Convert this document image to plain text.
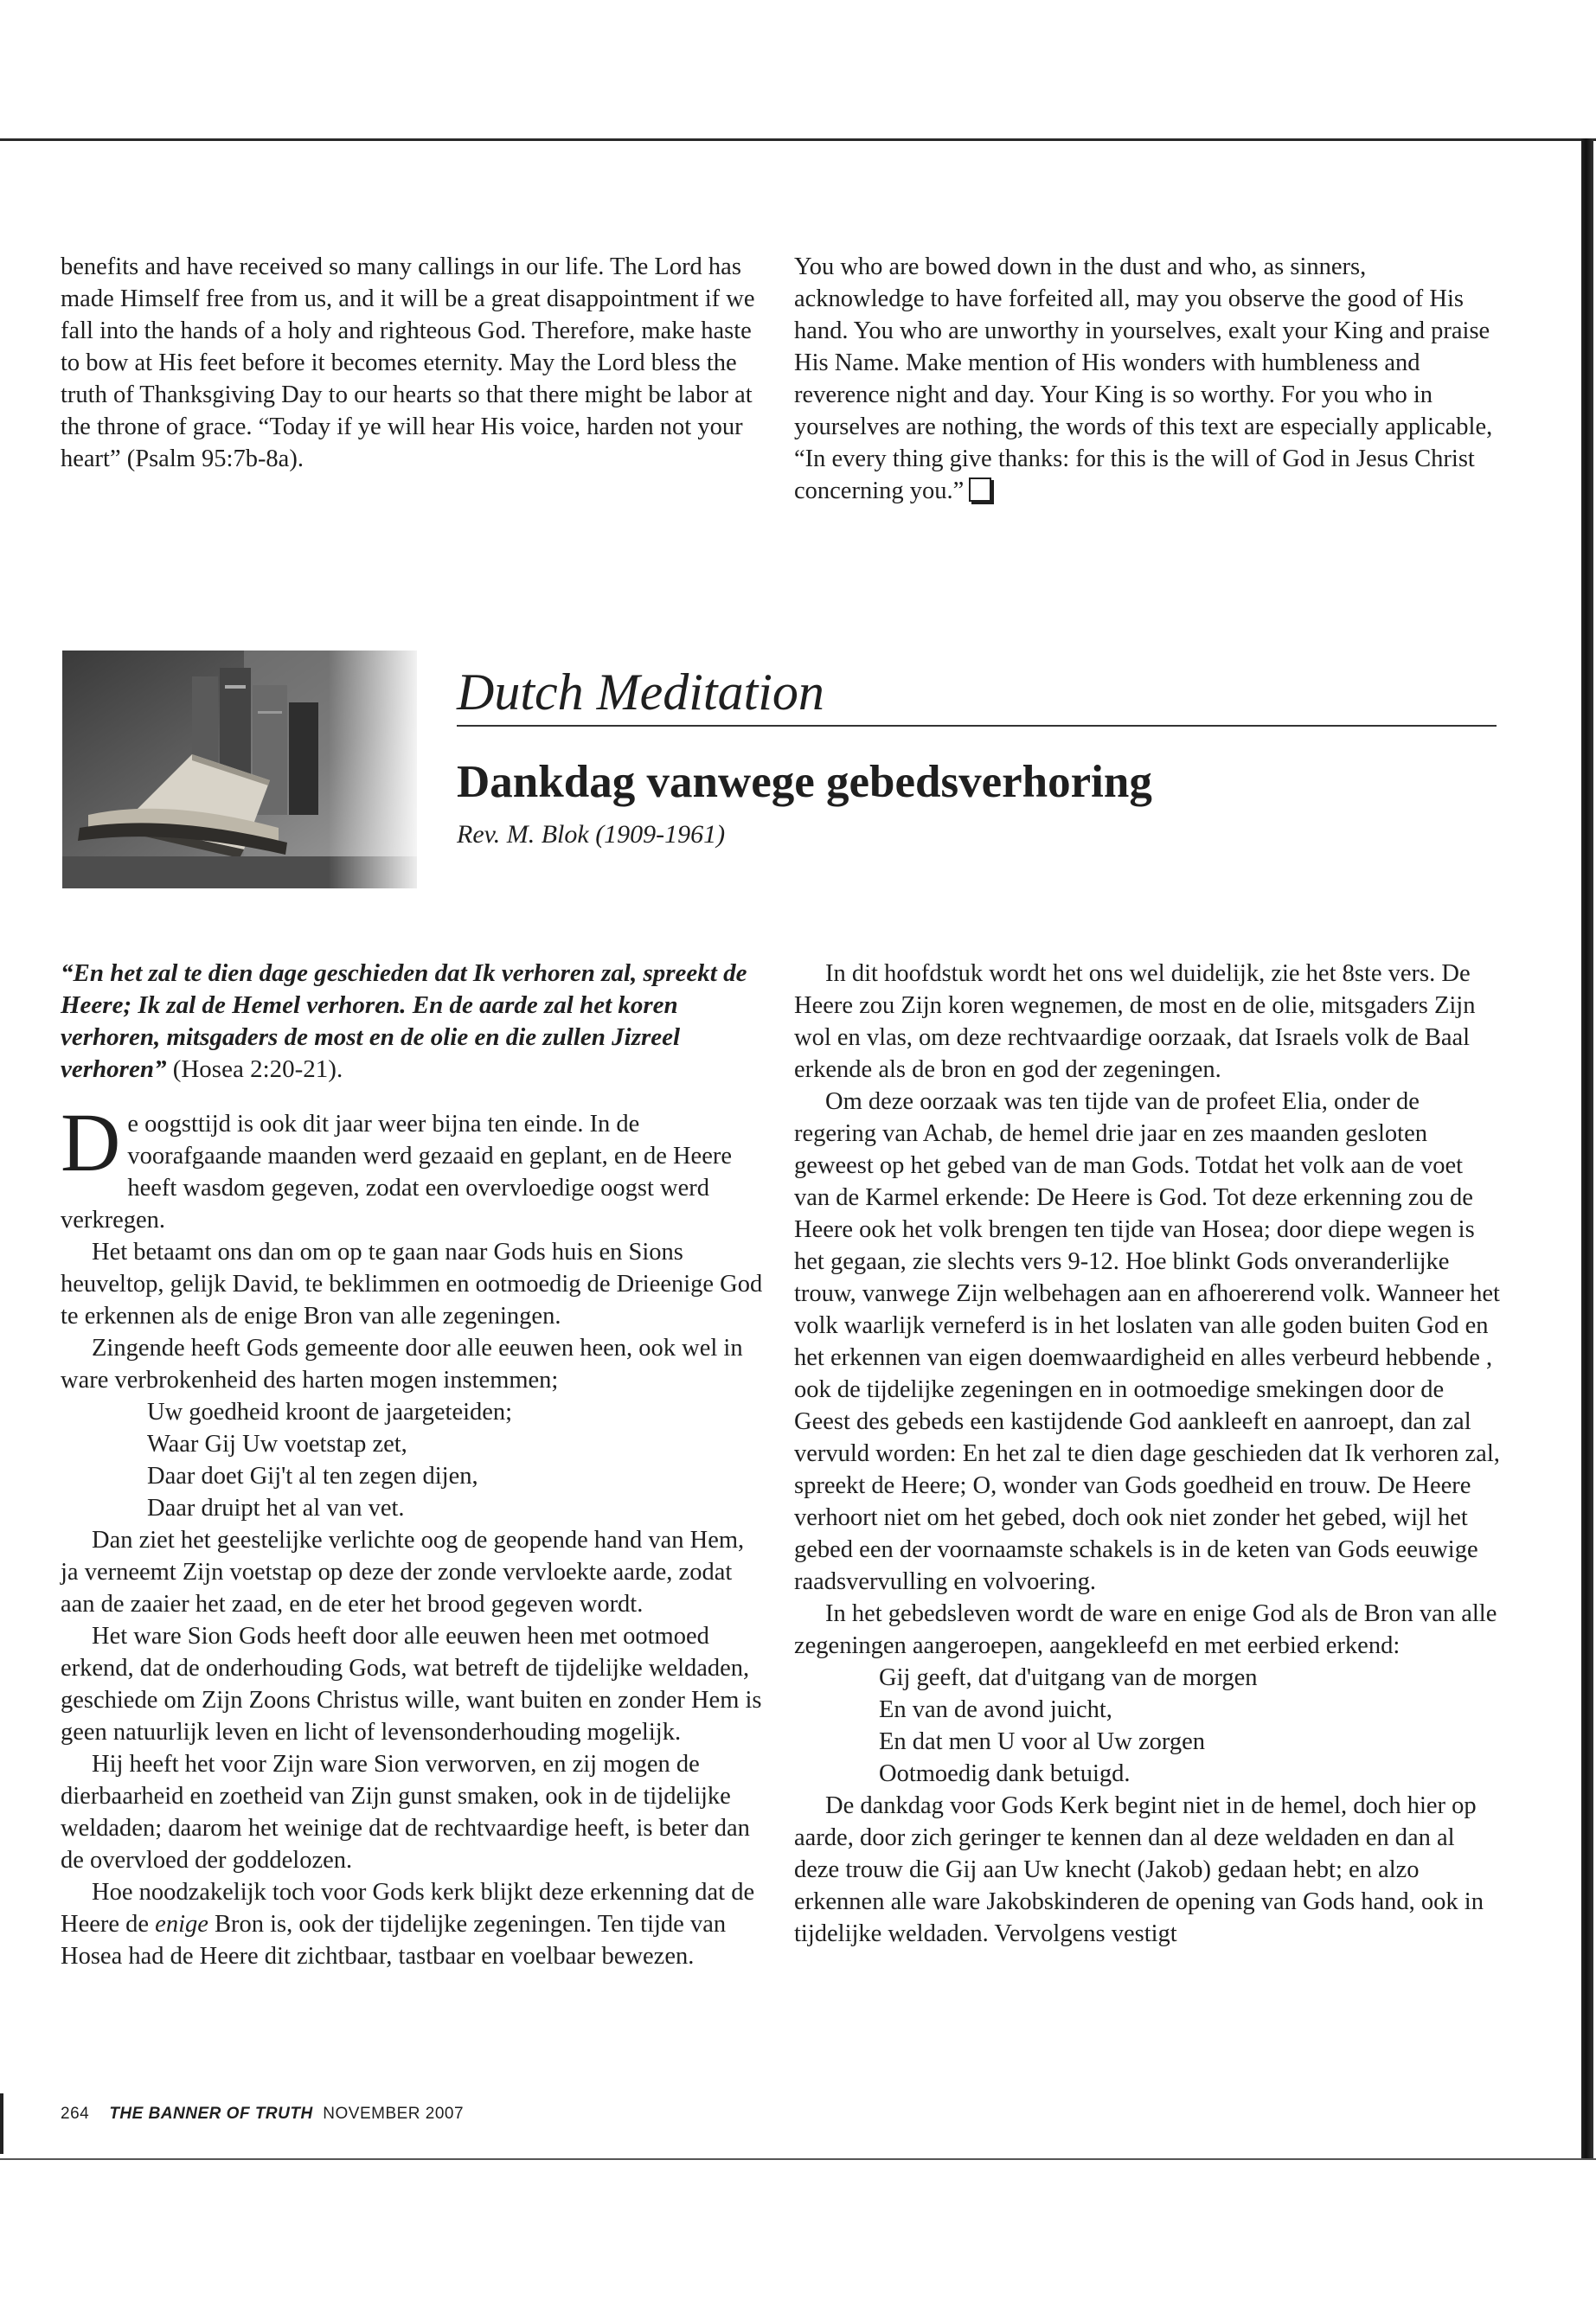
benefits and have received so many callings in our life. The Lord has made Himself free from us, and it will be a great disappointment if we fall into the hands of a holy and righteous God. Therefore, make haste to bow at His feet before it becomes eternity. May the Lord bless the truth of Thanksgiving Day to our hearts so that there might be labor at the throne of grace. “Today if ye will hear His voice, harden not your heart” (Psalm 95:7b-8a).

You who are bowed down in the dust and who, as sinners, acknowledge to have forfeited all, may you observe the good of His hand. You who are unworthy in yourselves, exalt your King and praise His Name. Make mention of His wonders with humbleness and reverence night and day. Your King is so worthy. For you who in yourselves are nothing, the words of this text are especially applicable, “In every thing give thanks: for this is the will of God in Jesus Christ concerning you.”

Dutch Meditation
Dankdag vanwege gebedsverhoring
Rev. M. Blok (1909-1961)

“En het zal te dien dage geschieden dat Ik verhoren zal, spreekt de Heere; Ik zal de Hemel verhoren. En de aarde zal het koren verhoren, mitsgaders de most en de olie en die zullen Jizreel verhoren” (Hosea 2:20-21).

De oogsttijd is ook dit jaar weer bijna ten einde. In de voorafgaande maanden werd gezaaid en geplant, en de Heere heeft wasdom gegeven, zodat een overvloedige oogst werd verkregen.

Het betaamt ons dan om op te gaan naar Gods huis en Sions heuveltop, gelijk David, te beklimmen en ootmoedig de Drieenige God te erkennen als de enige Bron van alle zegeningen.

Zingende heeft Gods gemeente door alle eeuwen heen, ook wel in ware verbrokenheid des harten mogen instemmen;

Uw goedheid kroont de jaargeteiden;

Waar Gij Uw voetstap zet,

Daar doet Gij't al ten zegen dijen,

Daar druipt het al van vet.

Dan ziet het geestelijke verlichte oog de geopende hand van Hem, ja verneemt Zijn voetstap op deze der zonde vervloekte aarde, zodat aan de zaaier het zaad, en de eter het brood gegeven wordt.

Het ware Sion Gods heeft door alle eeuwen heen met ootmoed erkend, dat de onderhouding Gods, wat betreft de tijdelijke weldaden, geschiede om Zijn Zoons Christus wille, want buiten en zonder Hem is geen natuurlijk leven en licht of levensonderhouding mogelijk.

Hij heeft het voor Zijn ware Sion verworven, en zij mogen de dierbaarheid en zoetheid van Zijn gunst smaken, ook in de tijdelijke weldaden; daarom het weinige dat de rechtvaardige heeft, is beter dan de overvloed der goddelozen.

Hoe noodzakelijk toch voor Gods kerk blijkt deze erkenning dat de Heere de enige Bron is, ook der tijdelijke zegeningen. Ten tijde van Hosea had de Heere dit zichtbaar, tastbaar en voelbaar bewezen.

In dit hoofdstuk wordt het ons wel duidelijk, zie het 8ste vers. De Heere zou Zijn koren wegnemen, de most en de olie, mitsgaders Zijn wol en vlas, om deze rechtvaardige oorzaak, dat Israels volk de Baal erkende als de bron en god der zegeningen.

Om deze oorzaak was ten tijde van de profeet Elia, onder de regering van Achab, de hemel drie jaar en zes maanden gesloten geweest op het gebed van de man Gods. Totdat het volk aan de voet van de Karmel erkende: De Heere is God. Tot deze erkenning zou de Heere ook het volk brengen ten tijde van Hosea; door diepe wegen is het gegaan, zie slechts vers 9-12. Hoe blinkt Gods onveranderlijke trouw, vanwege Zijn welbehagen aan en afhoererend volk. Wanneer het volk waarlijk verneferd is in het loslaten van alle goden buiten God en het erkennen van eigen doemwaardigheid en alles verbeurd hebbende , ook de tijdelijke zegeningen en in ootmoedige smekingen door de Geest des gebeds een kastijdende God aankleeft en aanroept, dan zal vervuld worden: En het zal te dien dage geschieden dat Ik verhoren zal, spreekt de Heere; O, wonder van Gods goedheid en trouw. De Heere verhoort niet om het gebed, doch ook niet zonder het gebed, wijl het gebed een der voornaamste schakels is in de keten van Gods eeuwige raadsvervulling en volvoering.

In het gebedsleven wordt de ware en enige God als de Bron van alle zegeningen aangeroepen, aangekleefd en met eerbied erkend:

Gij geeft, dat d'uitgang van de morgen

En van de avond juicht,

En dat men U voor al Uw zorgen

Ootmoedig dank betuigd.

De dankdag voor Gods Kerk begint niet in de hemel, doch hier op aarde, door zich geringer te kennen dan al deze weldaden en dan al deze trouw die Gij aan Uw knecht (Jakob) gedaan hebt; en alzo erkennen alle ware Jakobskinderen de opening van Gods hand, ook in tijdelijke weldaden. Vervolgens vestigt

264 THE BANNER OF TRUTH NOVEMBER 2007
